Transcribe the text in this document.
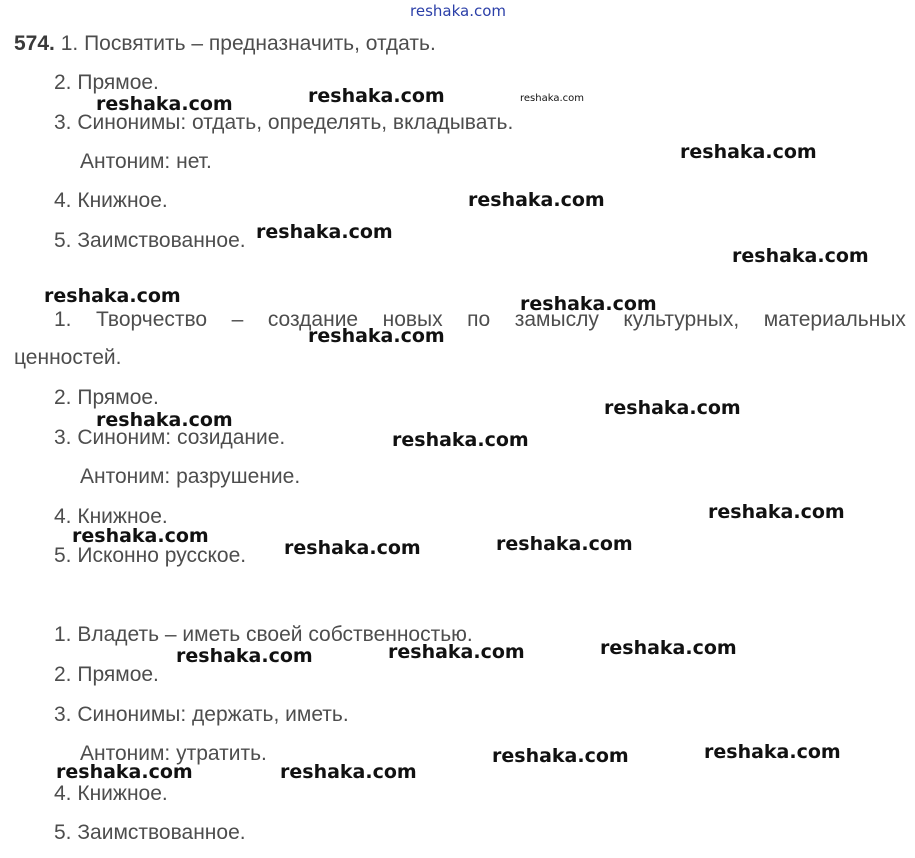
reshaka.com
574. 1. Посвятить – предназначить, отдать.
2. Прямое.
3. Синонимы: отдать, определять, вкладывать.
Антоним: нет.
4. Книжное.
5. Заимствованное.
1. Творчество – создание новых по замыслу культурных, материальных
ценностей.
2. Прямое.
3. Синоним: созидание.
Антоним: разрушение.
4. Книжное.
5. Исконно русское.
1. Владеть – иметь своей собственностью.
2. Прямое.
3. Синонимы: держать, иметь.
Антоним: утратить.
4. Книжное.
5. Заимствованное.
reshaka.com	reshaka.com	reshaka.com
reshaka.com
reshaka.com
reshaka.com
reshaka.com
reshaka.com	reshaka.com
reshaka.com
reshaka.com
reshaka.com
reshaka.com
reshaka.com
reshaka.com	reshaka.com
reshaka.com
reshaka.com
reshaka.com
reshaka.com
reshaka.com
reshaka.com
reshaka.com	reshaka.com
